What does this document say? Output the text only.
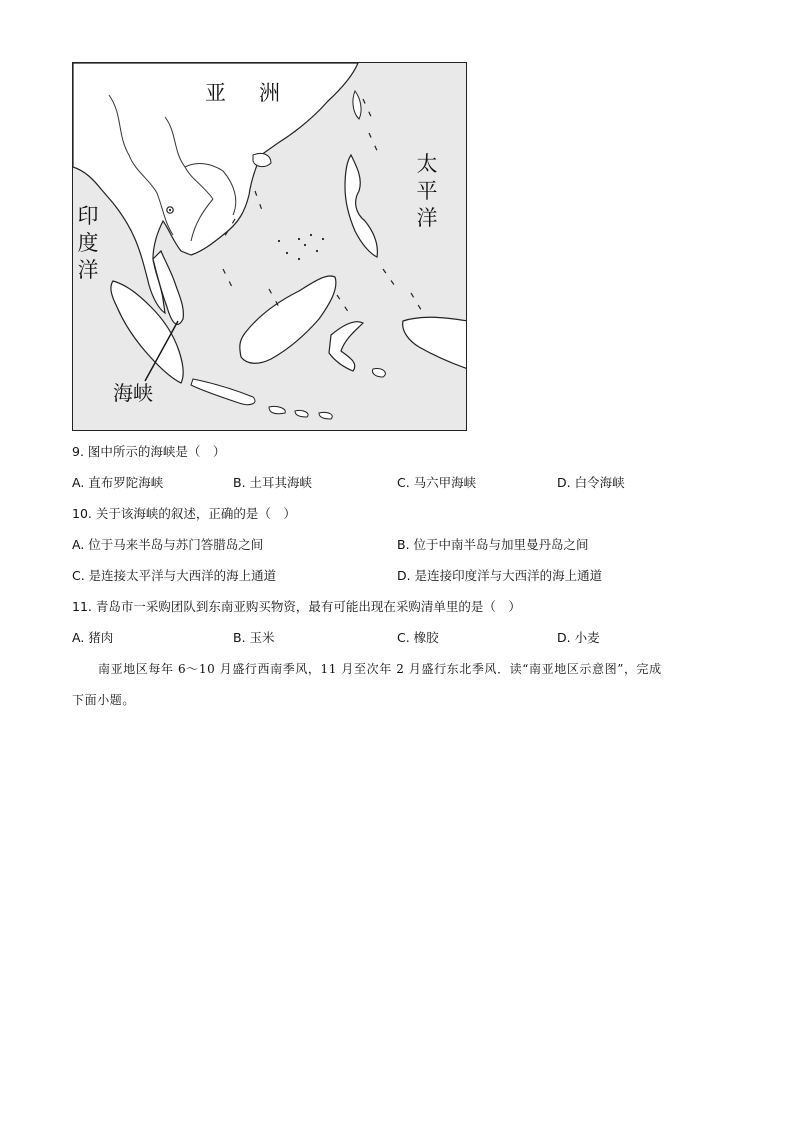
亚　洲
太平洋
印度洋
海峡
9. 图中所示的海峡是（　）
A. 直布罗陀海峡	B. 土耳其海峡	C. 马六甲海峡	D. 白令海峡
10. 关于该海峡的叙述，正确的是（　）
A. 位于马来半岛与苏门答腊岛之间	B. 位于中南半岛与加里曼丹岛之间
C. 是连接太平洋与大西洋的海上通道	D. 是连接印度洋与大西洋的海上通道
11. 青岛市一采购团队到东南亚购买物资，最有可能出现在采购清单里的是（　）
A. 猪肉	B. 玉米	C. 橡胶	D. 小麦
南亚地区每年 6～10 月盛行西南季风，11 月至次年 2 月盛行东北季风．读“南亚地区示意图”，完成
下面小题。
